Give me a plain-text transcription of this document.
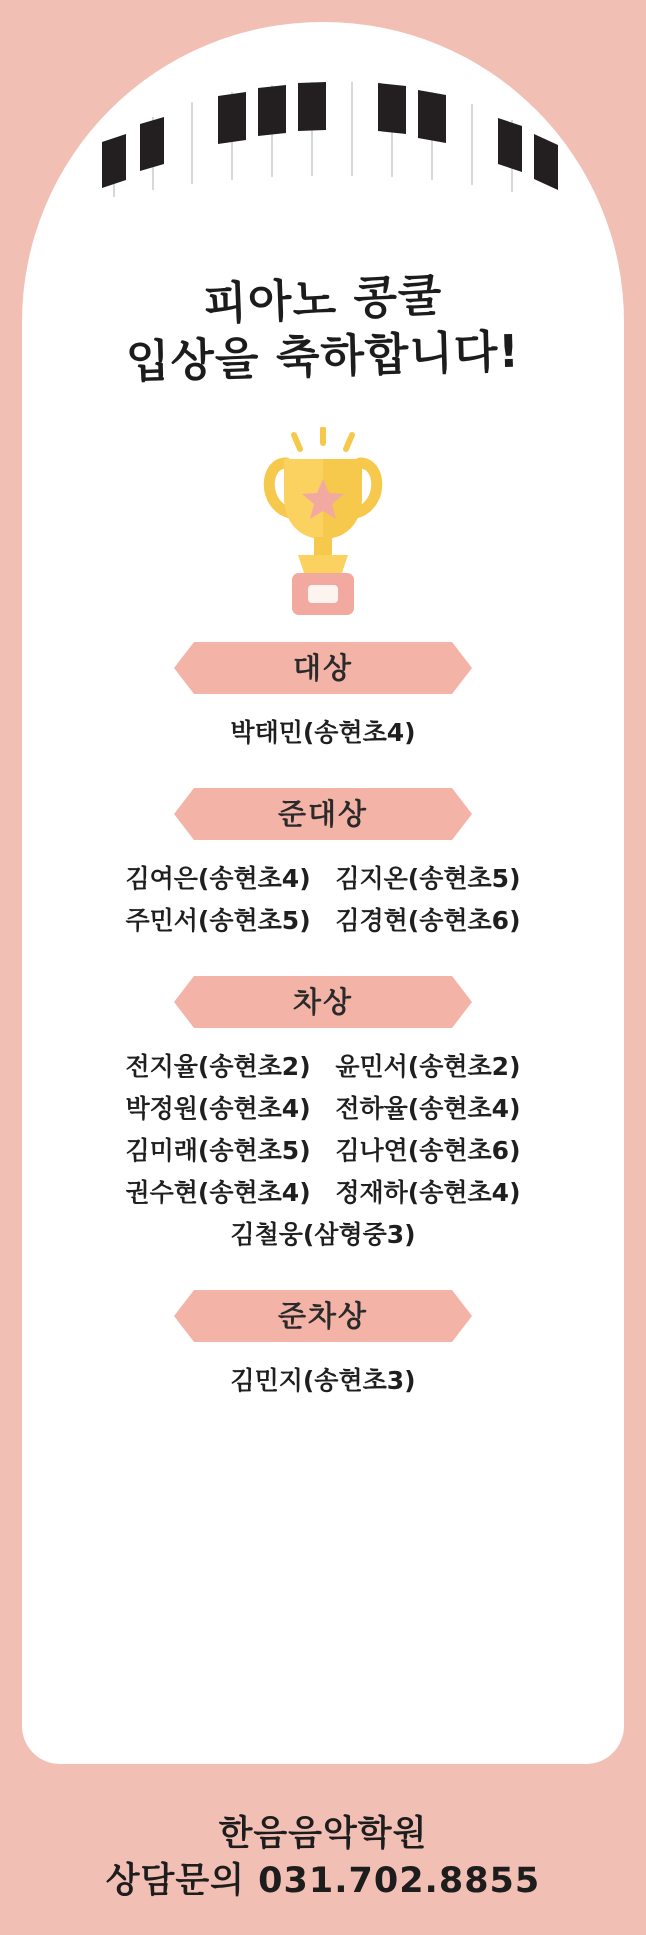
피아노 콩쿨
입상을 축하합니다!
대상
박태민(송현초4)
준대상
김여은(송현초4) 김지온(송현초5)
주민서(송현초5) 김경현(송현초6)
차상
전지율(송현초2) 윤민서(송현초2)
박정원(송현초4) 전하율(송현초4)
김미래(송현초5) 김나연(송현초6)
권수현(송현초4) 정재하(송현초4)
김철웅(삼형중3)
준차상
김민지(송현초3)
한음음악학원
상담문의 031.702.8855
